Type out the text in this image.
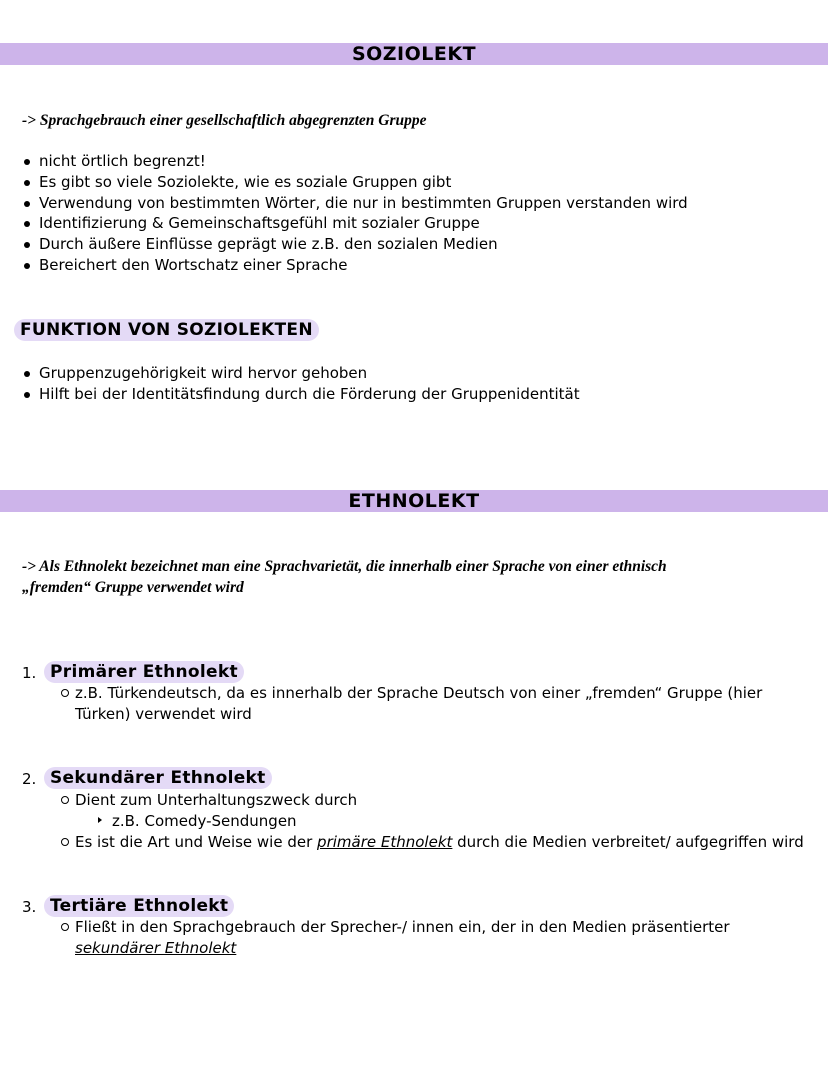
SOZIOLEKT
-> Sprachgebrauch einer gesellschaftlich abgegrenzten Gruppe
nicht örtlich begrenzt!
Es gibt so viele Soziolekte, wie es soziale Gruppen gibt
Verwendung von bestimmten Wörter, die nur in bestimmten Gruppen verstanden wird
Identifizierung & Gemeinschaftsgefühl mit sozialer Gruppe
Durch äußere Einflüsse geprägt wie z.B. den sozialen Medien
Bereichert den Wortschatz einer Sprache
FUNKTION VON SOZIOLEKTEN
Gruppenzugehörigkeit wird hervor gehoben
Hilft bei der Identitätsfindung durch die Förderung der Gruppenidentität
ETHNOLEKT
-> Als Ethnolekt bezeichnet man eine Sprachvarietät, die innerhalb einer Sprache von einer ethnisch
„fremden“ Gruppe verwendet wird
1. Primärer Ethnolekt
z.B. Türkendeutsch, da es innerhalb der Sprache Deutsch von einer „fremden“ Gruppe (hier
Türken) verwendet wird
2. Sekundärer Ethnolekt
Dient zum Unterhaltungszweck durch
z.B. Comedy-Sendungen
Es ist die Art und Weise wie der primäre Ethnolekt durch die Medien verbreitet/ aufgegriffen wird
3. Tertiäre Ethnolekt
Fließt in den Sprachgebrauch der Sprecher-/ innen ein, der in den Medien präsentierter
sekundärer Ethnolekt
